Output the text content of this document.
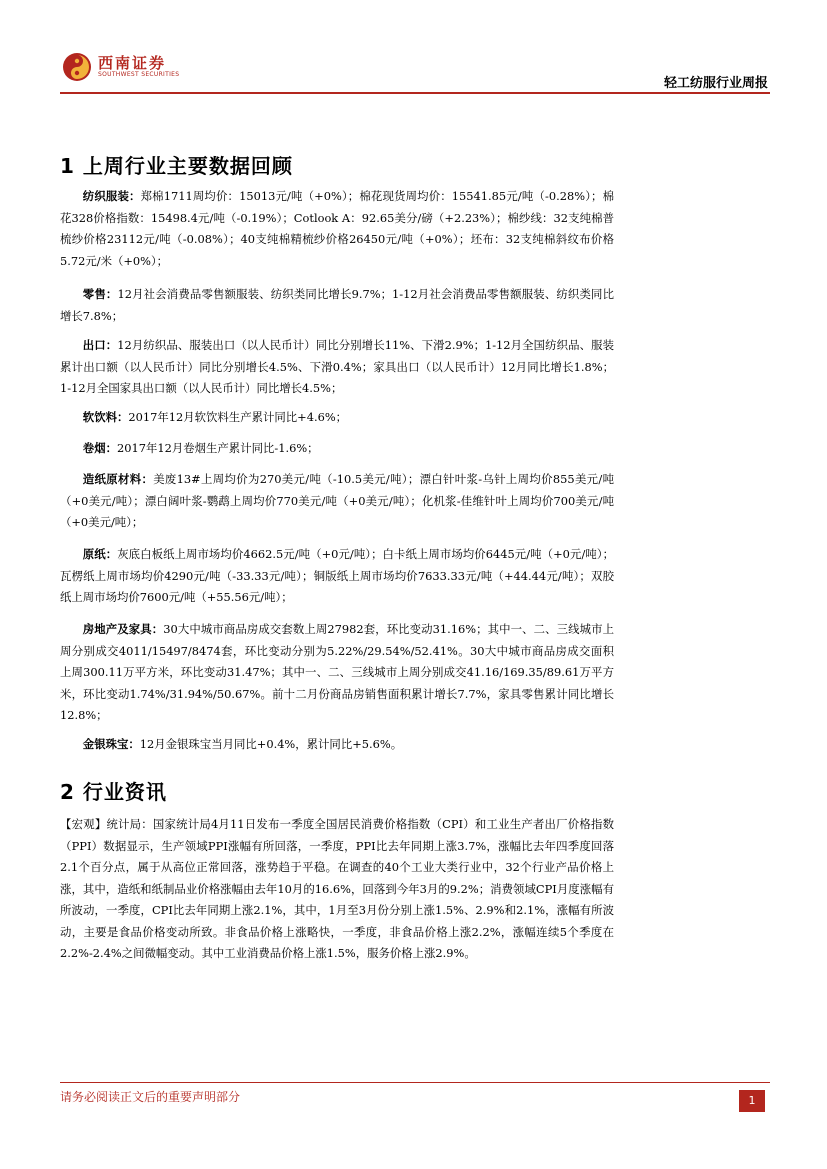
西南证券
SOUTHWEST SECURITIES
轻工纺服行业周报
1 上周行业主要数据回顾
纺织服装：郑棉1711周均价：15013元/吨（+0%）；棉花现货周均价：15541.85元/吨（-0.28%）；棉花328价格指数：15498.4元/吨（-0.19%）；Cotlook A：92.65美分/磅（+2.23%）；棉纱线：32支纯棉普梳纱价格23112元/吨（-0.08%）；40支纯棉精梳纱价格26450元/吨（+0%）；坯布：32支纯棉斜纹布价格5.72元/米（+0%）；
零售：12月社会消费品零售额服装、纺织类同比增长9.7%；1-12月社会消费品零售额服装、纺织类同比增长7.8%；
出口：12月纺织品、服装出口（以人民币计）同比分别增长11%、下滑2.9%；1-12月全国纺织品、服装累计出口额（以人民币计）同比分别增长4.5%、下滑0.4%；家具出口（以人民币计）12月同比增长1.8%；1-12月全国家具出口额（以人民币计）同比增长4.5%；
软饮料：2017年12月软饮料生产累计同比+4.6%；
卷烟：2017年12月卷烟生产累计同比-1.6%；
造纸原材料：美废13#上周均价为270美元/吨（-10.5美元/吨）；漂白针叶浆-乌针上周均价855美元/吨（+0美元/吨）；漂白阔叶浆-鹦鹉上周均价770美元/吨（+0美元/吨）；化机浆-佳维针叶上周均价700美元/吨（+0美元/吨）；
原纸：灰底白板纸上周市场均价4662.5元/吨（+0元/吨）；白卡纸上周市场均价6445元/吨（+0元/吨）；瓦楞纸上周市场均价4290元/吨（-33.33元/吨）；铜版纸上周市场均价7633.33元/吨（+44.44元/吨）；双胶纸上周市场均价7600元/吨（+55.56元/吨）；
房地产及家具：30大中城市商品房成交套数上周27982套，环比变动31.16%；其中一、二、三线城市上周分别成交4011/15497/8474套，环比变动分别为5.22%/29.54%/52.41%。30大中城市商品房成交面积上周300.11万平方米，环比变动31.47%；其中一、二、三线城市上周分别成交41.16/169.35/89.61万平方米，环比变动1.74%/31.94%/50.67%。前十二月份商品房销售面积累计增长7.7%，家具零售累计同比增长12.8%；
金银珠宝：12月金银珠宝当月同比+0.4%，累计同比+5.6%。
2 行业资讯
【宏观】统计局：国家统计局4月11日发布一季度全国居民消费价格指数（CPI）和工业生产者出厂价格指数（PPI）数据显示，生产领域PPI涨幅有所回落，一季度，PPI比去年同期上涨3.7%，涨幅比去年四季度回落2.1个百分点，属于从高位正常回落，涨势趋于平稳。在调查的40个工业大类行业中，32个行业产品价格上涨，其中，造纸和纸制品业价格涨幅由去年10月的16.6%，回落到今年3月的9.2%；消费领域CPI月度涨幅有所波动，一季度，CPI比去年同期上涨2.1%，其中，1月至3月份分别上涨1.5%、2.9%和2.1%，涨幅有所波动，主要是食品价格变动所致。非食品价格上涨略快，一季度，非食品价格上涨2.2%，涨幅连续5个季度在2.2%-2.4%之间微幅变动。其中工业消费品价格上涨1.5%，服务价格上涨2.9%。
请务必阅读正文后的重要声明部分	1
